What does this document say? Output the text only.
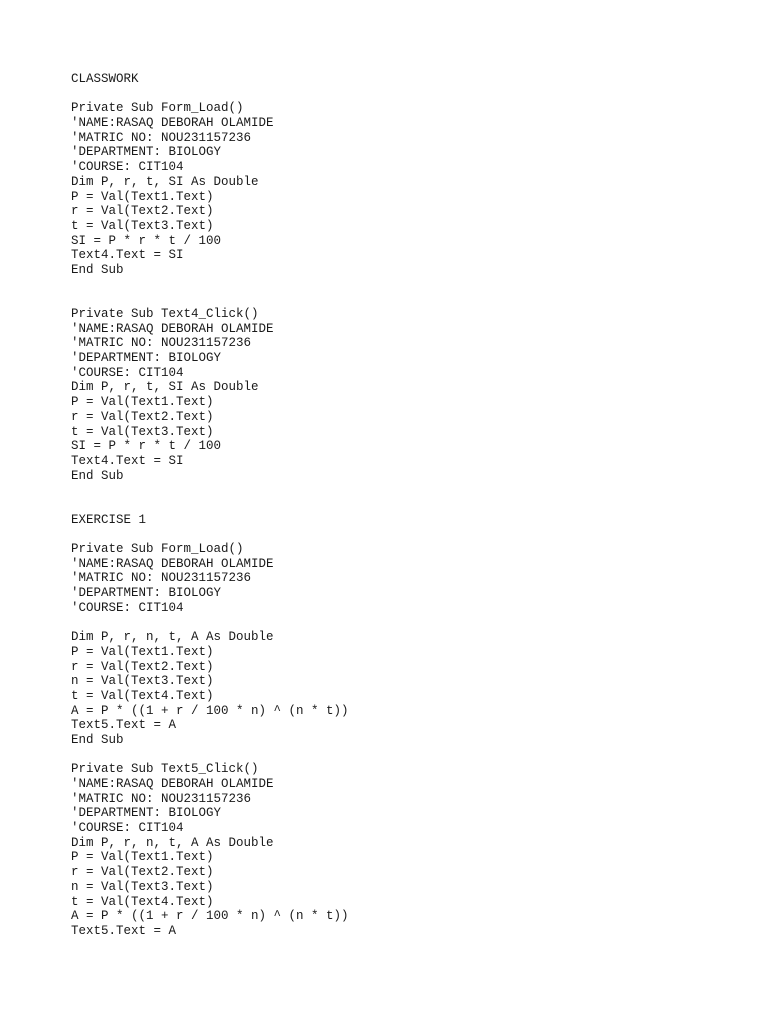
CLASSWORK
Private Sub Form_Load()
'NAME:RASAQ DEBORAH OLAMIDE
'MATRIC NO: NOU231157236
'DEPARTMENT: BIOLOGY
'COURSE: CIT104
Dim P, r, t, SI As Double
P = Val(Text1.Text)
r = Val(Text2.Text)
t = Val(Text3.Text)
SI = P * r * t / 100
Text4.Text = SI
End Sub
Private Sub Text4_Click()
'NAME:RASAQ DEBORAH OLAMIDE
'MATRIC NO: NOU231157236
'DEPARTMENT: BIOLOGY
'COURSE: CIT104
Dim P, r, t, SI As Double
P = Val(Text1.Text)
r = Val(Text2.Text)
t = Val(Text3.Text)
SI = P * r * t / 100
Text4.Text = SI
End Sub
EXERCISE 1
Private Sub Form_Load()
'NAME:RASAQ DEBORAH OLAMIDE
'MATRIC NO: NOU231157236
'DEPARTMENT: BIOLOGY
'COURSE: CIT104
Dim P, r, n, t, A As Double
P = Val(Text1.Text)
r = Val(Text2.Text)
n = Val(Text3.Text)
t = Val(Text4.Text)
A = P * ((1 + r / 100 * n) ^ (n * t))
Text5.Text = A
End Sub
Private Sub Text5_Click()
'NAME:RASAQ DEBORAH OLAMIDE
'MATRIC NO: NOU231157236
'DEPARTMENT: BIOLOGY
'COURSE: CIT104
Dim P, r, n, t, A As Double
P = Val(Text1.Text)
r = Val(Text2.Text)
n = Val(Text3.Text)
t = Val(Text4.Text)
A = P * ((1 + r / 100 * n) ^ (n * t))
Text5.Text = A
